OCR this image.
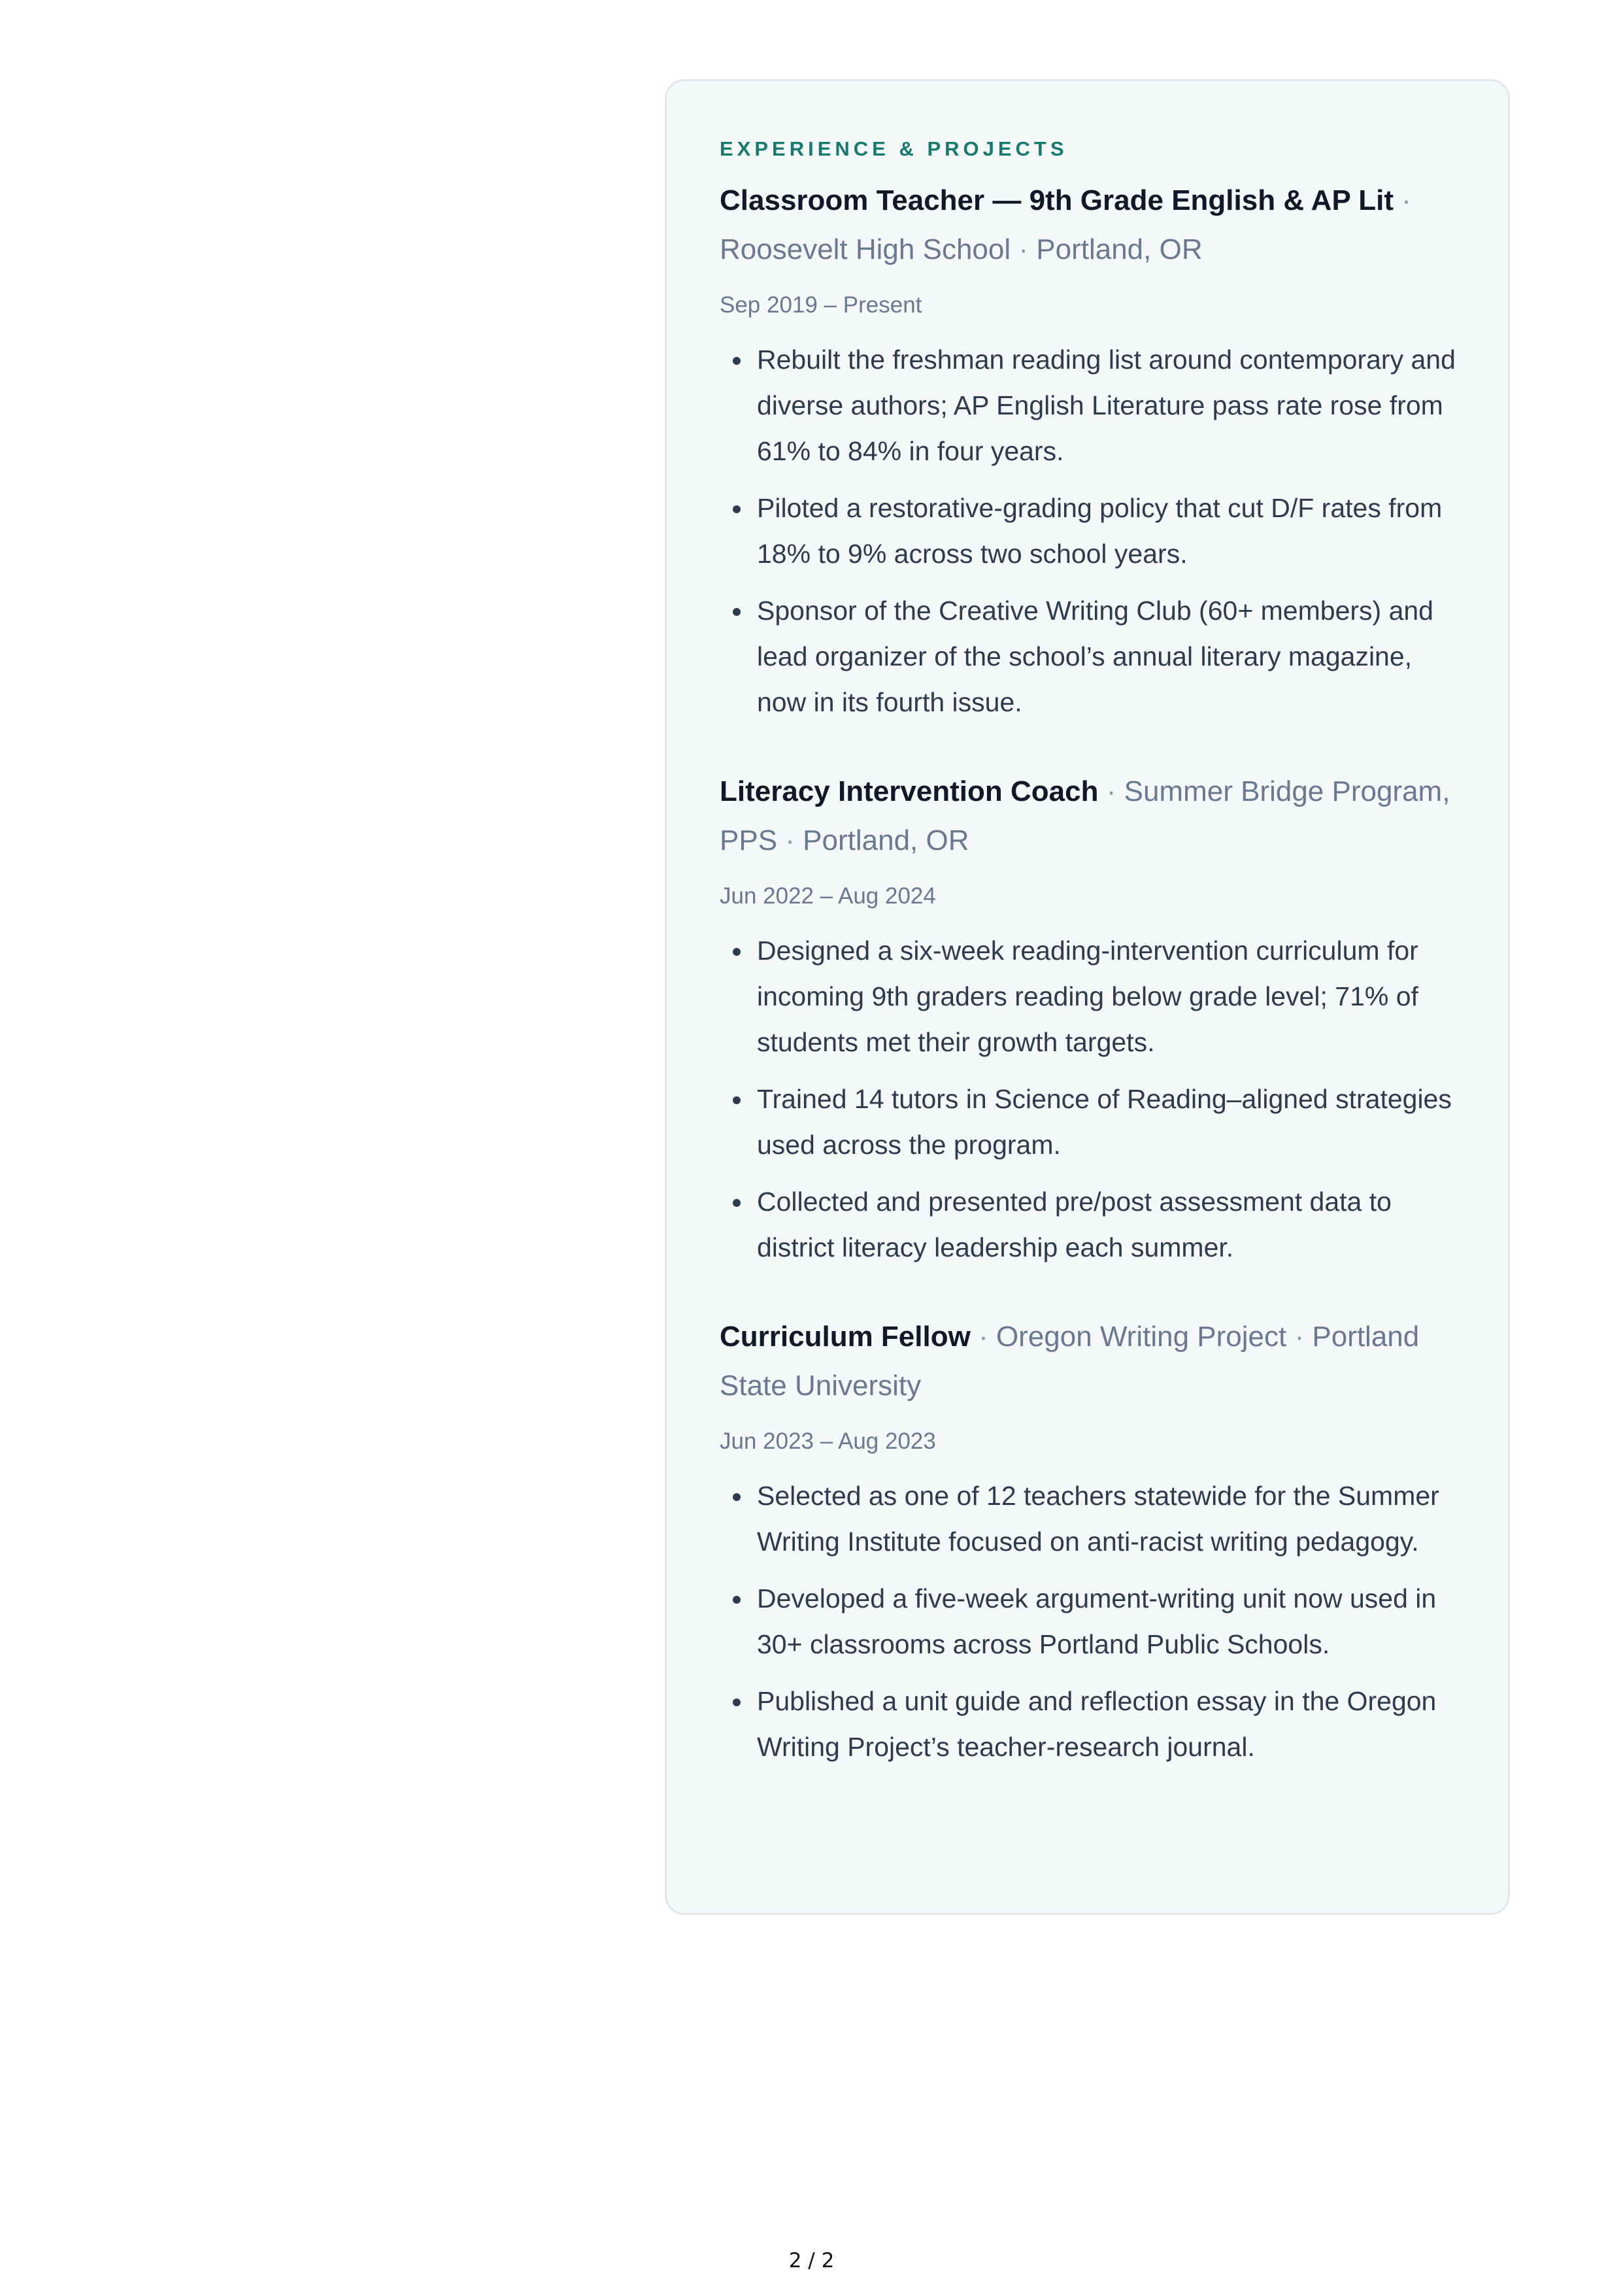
EXPERIENCE & PROJECTS

Classroom Teacher — 9th Grade English & AP Lit · Roosevelt High School · Portland, OR

Sep 2019 – Present

Rebuilt the freshman reading list around contemporary and diverse authors; AP English Literature pass rate rose from 61% to 84% in four years.
Piloted a restorative-grading policy that cut D/F rates from 18% to 9% across two school years.
Sponsor of the Creative Writing Club (60+ members) and lead organizer of the school’s annual literary magazine, now in its fourth issue.

Literacy Intervention Coach · Summer Bridge Program, PPS · Portland, OR

Jun 2022 – Aug 2024

Designed a six-week reading-intervention curriculum for incoming 9th graders reading below grade level; 71% of students met their growth targets.
Trained 14 tutors in Science of Reading–aligned strategies used across the program.
Collected and presented pre/post assessment data to district literacy leadership each summer.

Curriculum Fellow · Oregon Writing Project · Portland State University

Jun 2023 – Aug 2023

Selected as one of 12 teachers statewide for the Summer Writing Institute focused on anti-racist writing pedagogy.
Developed a five-week argument-writing unit now used in 30+ classrooms across Portland Public Schools.
Published a unit guide and reflection essay in the Oregon Writing Project’s teacher-research journal.
2 / 2
